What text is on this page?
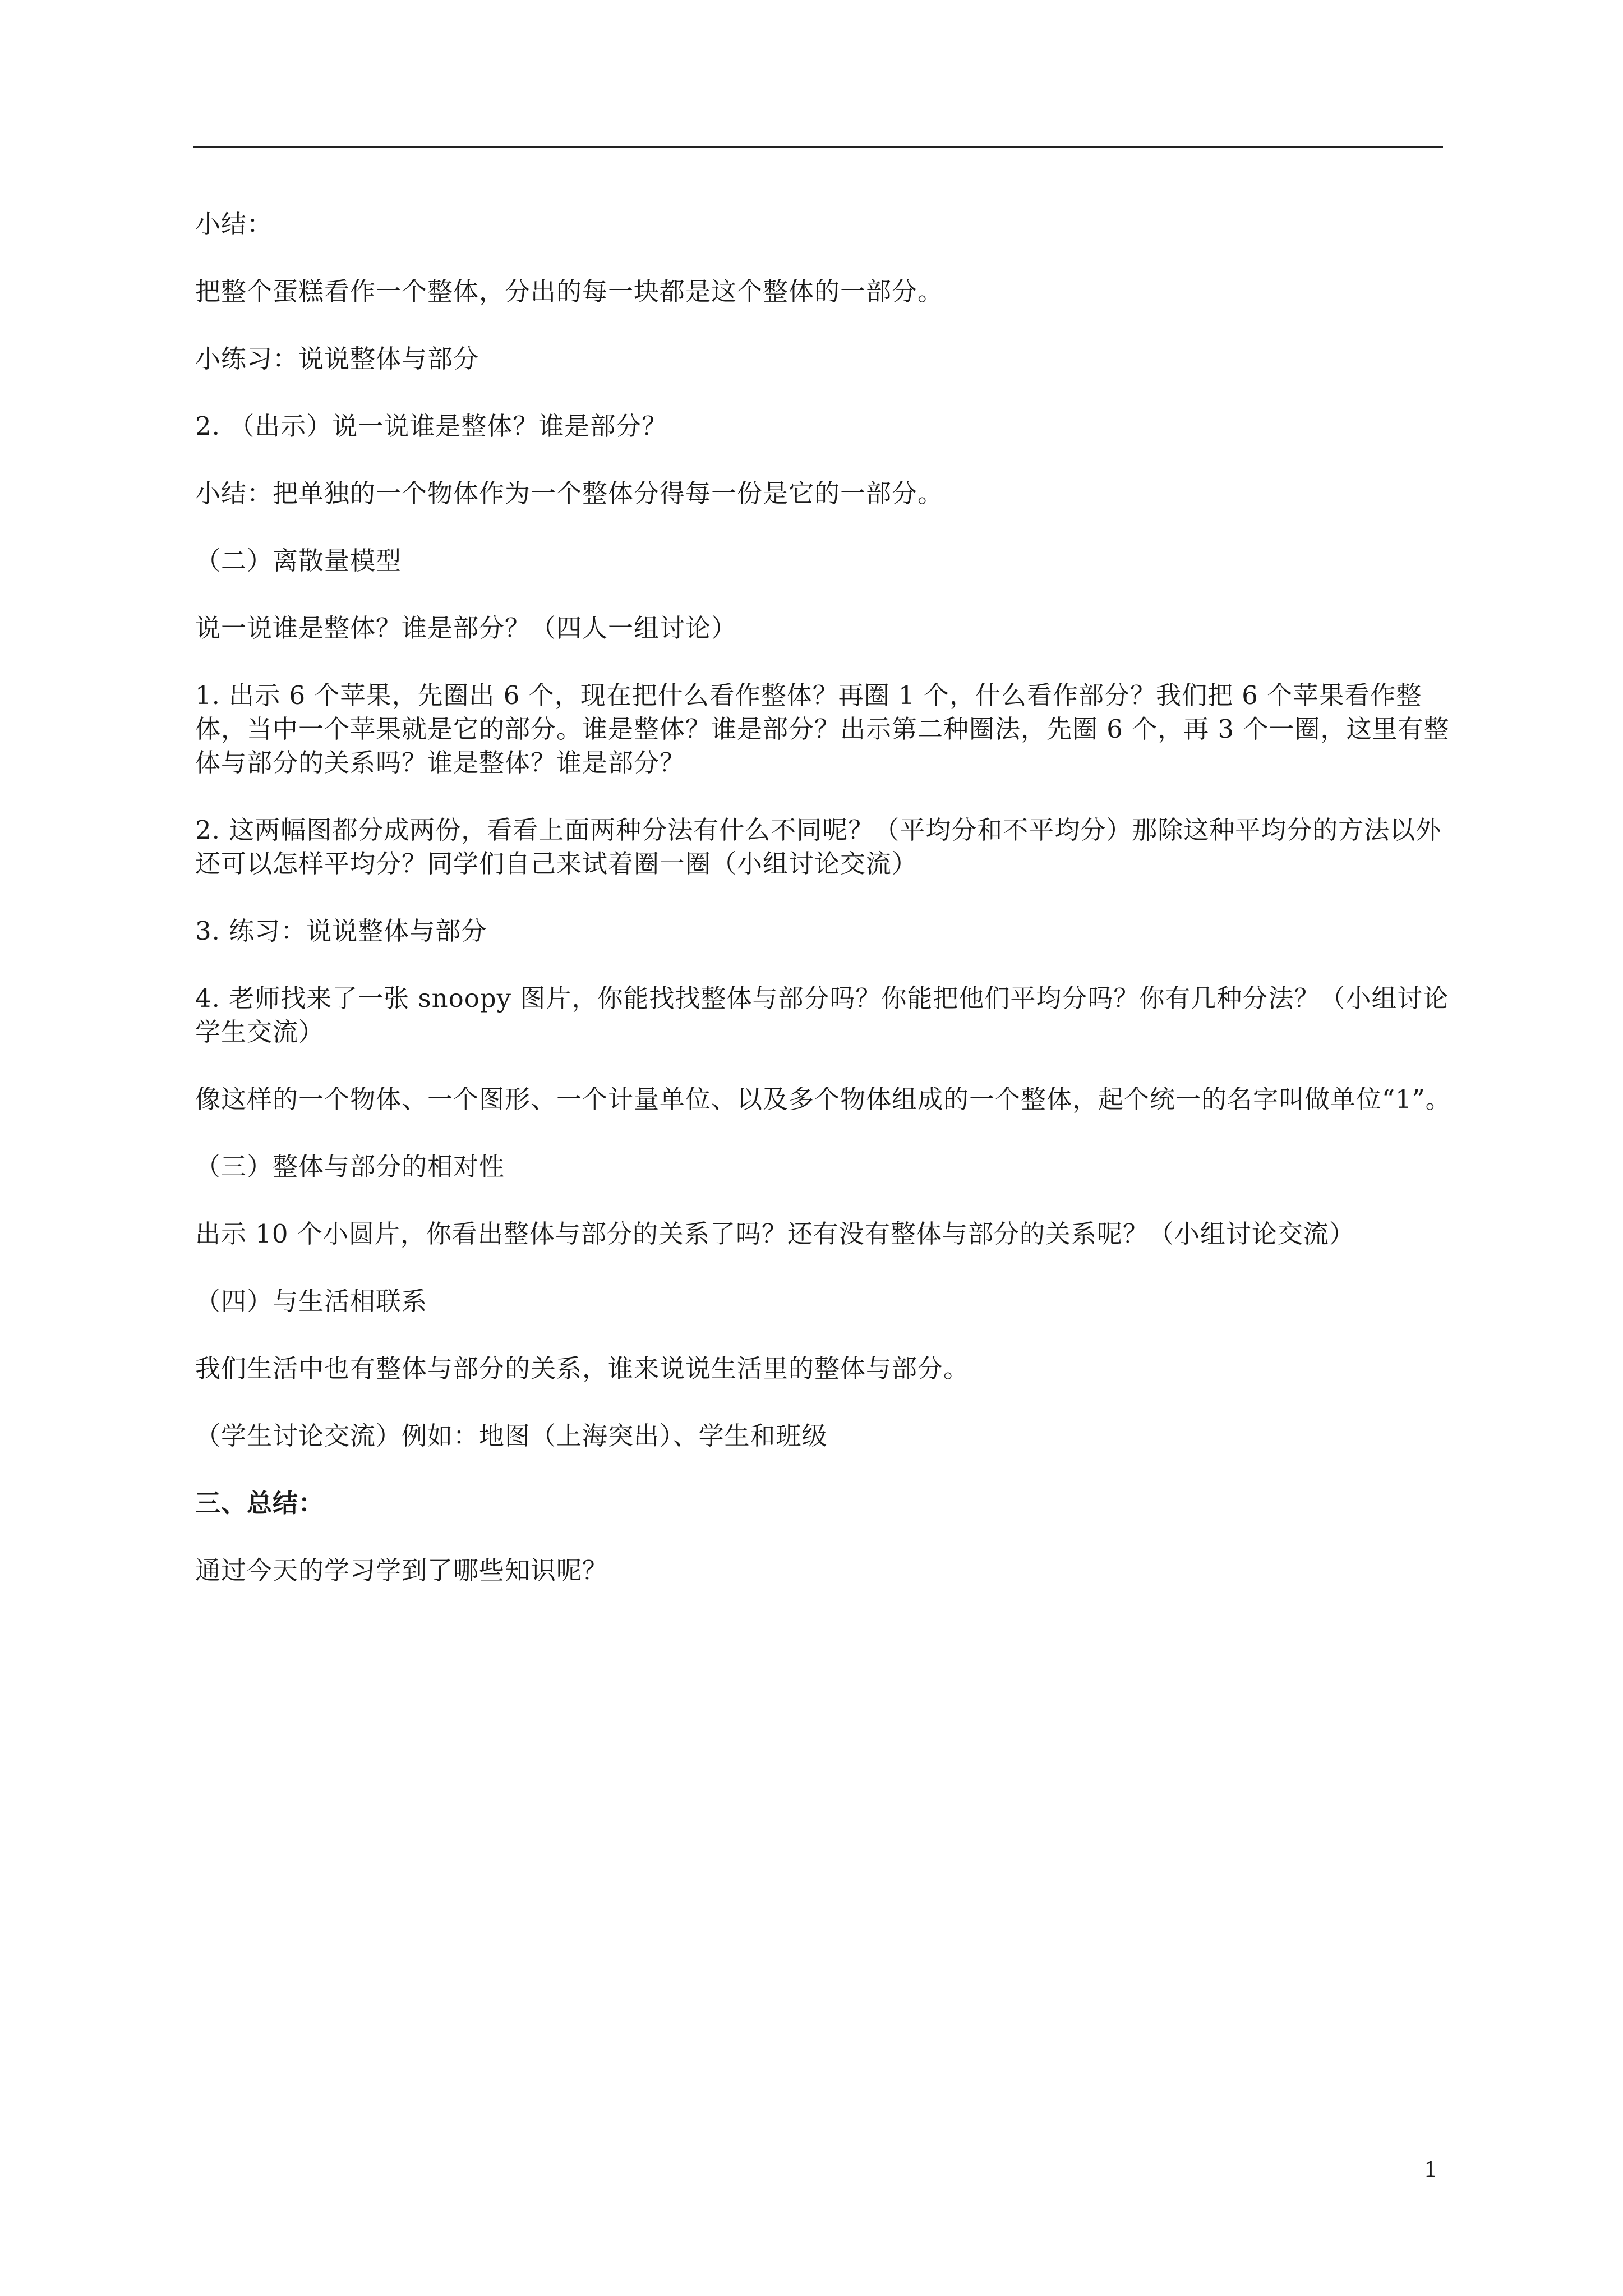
小结：

把整个蛋糕看作一个整体，分出的每一块都是这个整体的一部分。

小练习：说说整体与部分

2. （出示）说一说谁是整体？谁是部分？

小结：把单独的一个物体作为一个整体分得每一份是它的一部分。

（二）离散量模型

说一说谁是整体？谁是部分？（四人一组讨论）

1. 出示 6 个苹果，先圈出 6 个，现在把什么看作整体？再圈 1 个，什么看作部分？我们把 6 个苹果看作整体，当中一个苹果就是它的部分。谁是整体？谁是部分？出示第二种圈法，先圈 6 个，再 3 个一圈，这里有整体与部分的关系吗？谁是整体？谁是部分？

2. 这两幅图都分成两份，看看上面两种分法有什么不同呢？（平均分和不平均分）那除这种平均分的方法以外还可以怎样平均分？同学们自己来试着圈一圈（小组讨论交流）

3. 练习：说说整体与部分

4. 老师找来了一张 snoopy 图片，你能找找整体与部分吗？你能把他们平均分吗？你有几种分法？（小组讨论学生交流）

像这样的一个物体、一个图形、一个计量单位、以及多个物体组成的一个整体，起个统一的名字叫做单位“1”。

（三）整体与部分的相对性

出示 10 个小圆片，你看出整体与部分的关系了吗？还有没有整体与部分的关系呢？（小组讨论交流）

（四）与生活相联系

我们生活中也有整体与部分的关系，谁来说说生活里的整体与部分。

（学生讨论交流）例如：地图（上海突出）、学生和班级

三、总结：

通过今天的学习学到了哪些知识呢？

1
